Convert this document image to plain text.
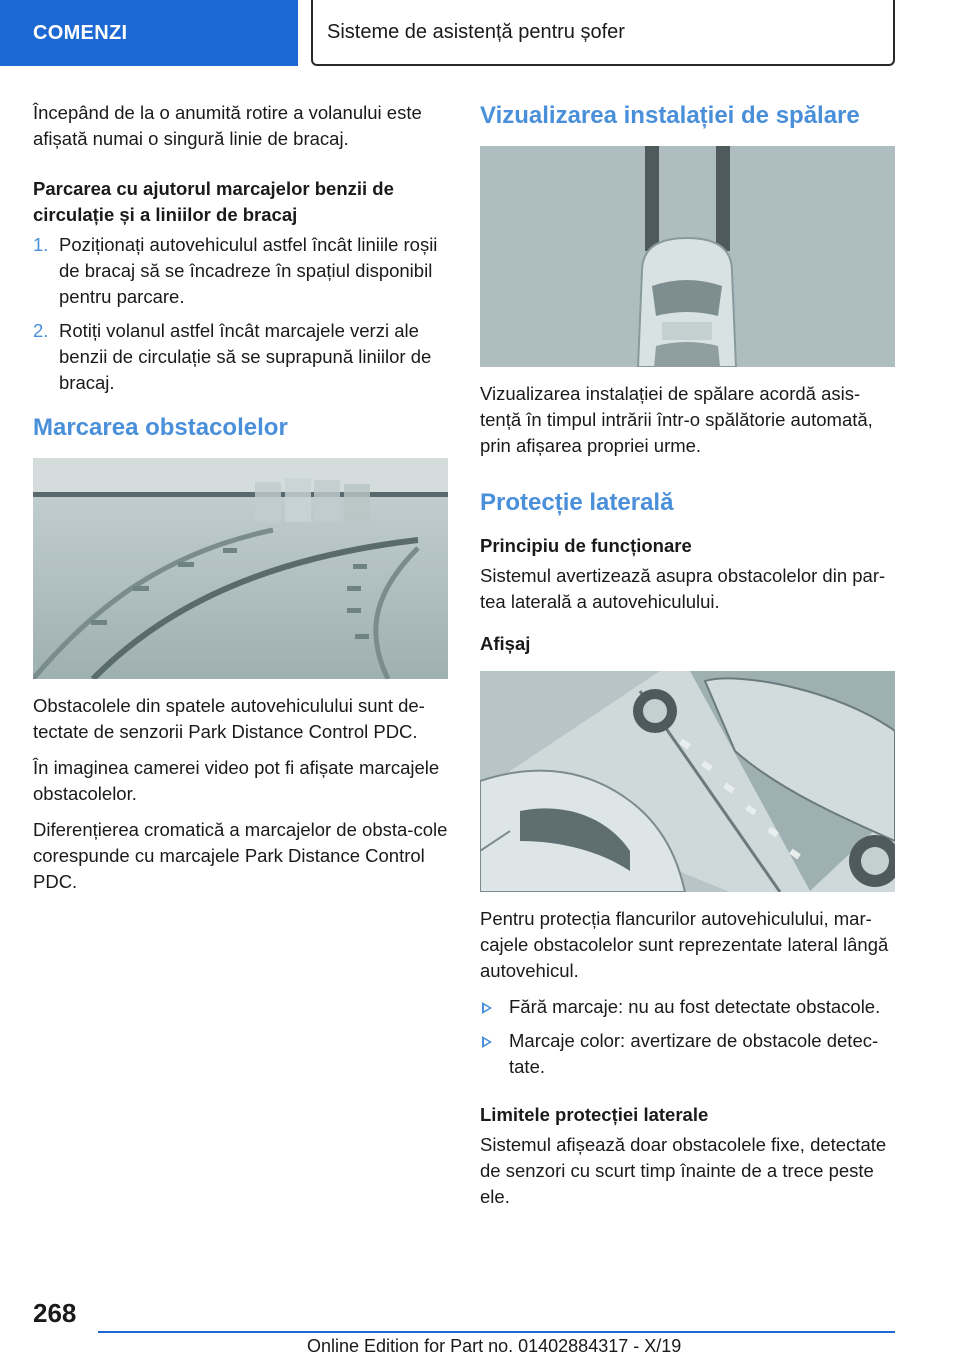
COMENZI	Sisteme de asistență pentru șofer

Începând de la o anumită rotire a volanului este afișată numai o singură linie de bracaj.

Parcarea cu ajutorul marcajelor benzii de circulație și a liniilor de bracaj
1. Poziționați autovehiculul astfel încât liniile roșii de bracaj să se încadreze în spațiul disponibil pentru parcare.
2. Rotiți volanul astfel încât marcajele verzi ale benzii de circulație să se suprapună liniilor de bracaj.
Marcarea obstacolelor

Obstacolele din spatele autovehiculului sunt de-tectate de senzorii Park Distance Control PDC.

În imaginea camerei video pot fi afișate marcajele obstacolelor.

Diferențierea cromatică a marcajelor de obsta-cole corespunde cu marcajele Park Distance Control PDC.

Vizualizarea instalației de spălare

Vizualizarea instalației de spălare acordă asis-tență în timpul intrării într-o spălătorie automată, prin afișarea propriei urme.

Protecție laterală
Principiu de funcționare

Sistemul avertizează asupra obstacolelor din par-tea laterală a autovehiculului.

Afișaj

Pentru protecția flancurilor autovehiculului, mar-cajele obstacolelor sunt reprezentate lateral lângă autovehicul.

Fără marcaje: nu au fost detectate obstacole.
Marcaje color: avertizare de obstacole detec-tate.
Limitele protecției laterale

Sistemul afișează doar obstacolele fixe, detectate de senzori cu scurt timp înainte de a trece peste ele.

268
Online Edition for Part no. 01402884317 - X/19
